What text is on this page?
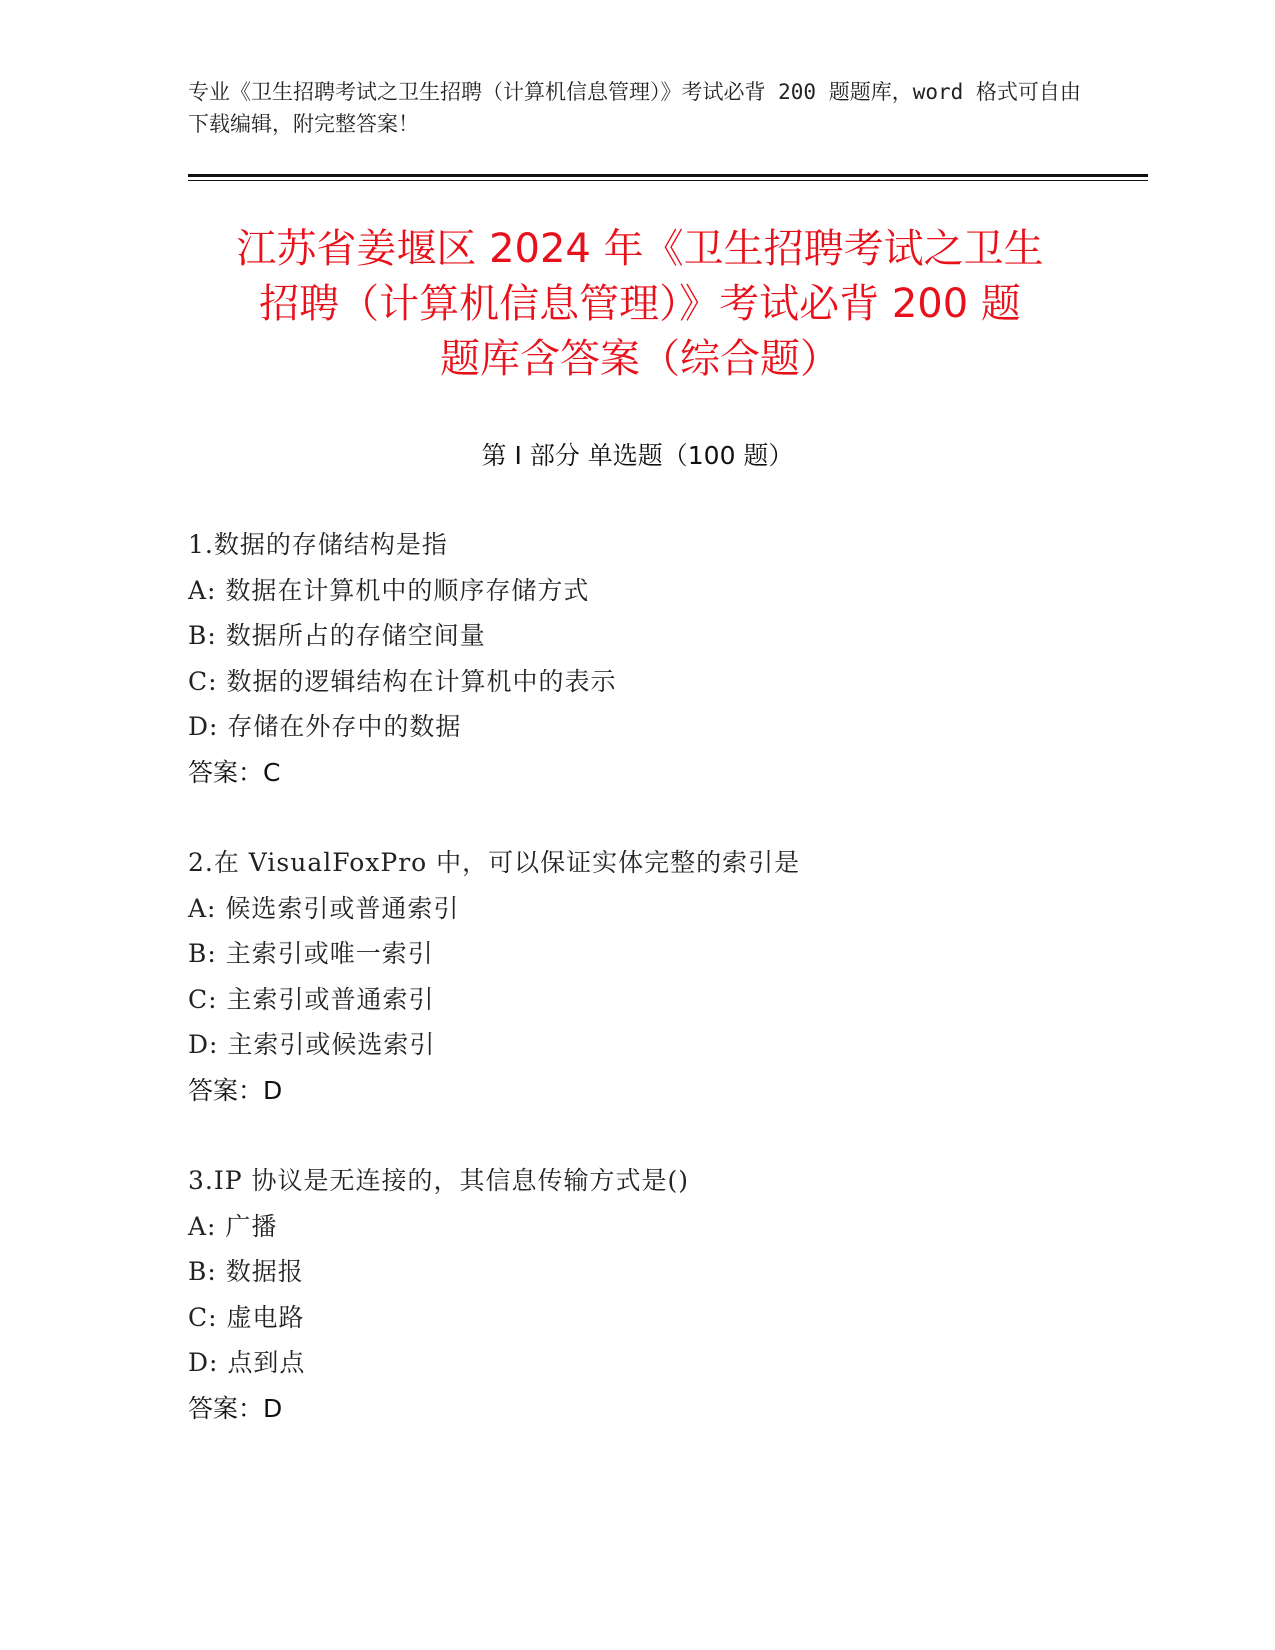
专业《卫生招聘考试之卫生招聘（计算机信息管理）》考试必背 200 题题库，word 格式可自由下载编辑，附完整答案！
江苏省姜堰区 2024 年《卫生招聘考试之卫生
招聘（计算机信息管理）》考试必背 200 题
题库含答案（综合题）
第 I 部分 单选题（100 题）
1.数据的存储结构是指
A: 数据在计算机中的顺序存储方式
B: 数据所占的存储空间量
C: 数据的逻辑结构在计算机中的表示
D: 存储在外存中的数据
答案：C
2.在 VisualFoxPro 中，可以保证实体完整的索引是
A: 候选索引或普通索引
B: 主索引或唯一索引
C: 主索引或普通索引
D: 主索引或候选索引
答案：D
3.IP 协议是无连接的，其信息传输方式是()
A: 广播
B: 数据报
C: 虚电路
D: 点到点
答案：D
